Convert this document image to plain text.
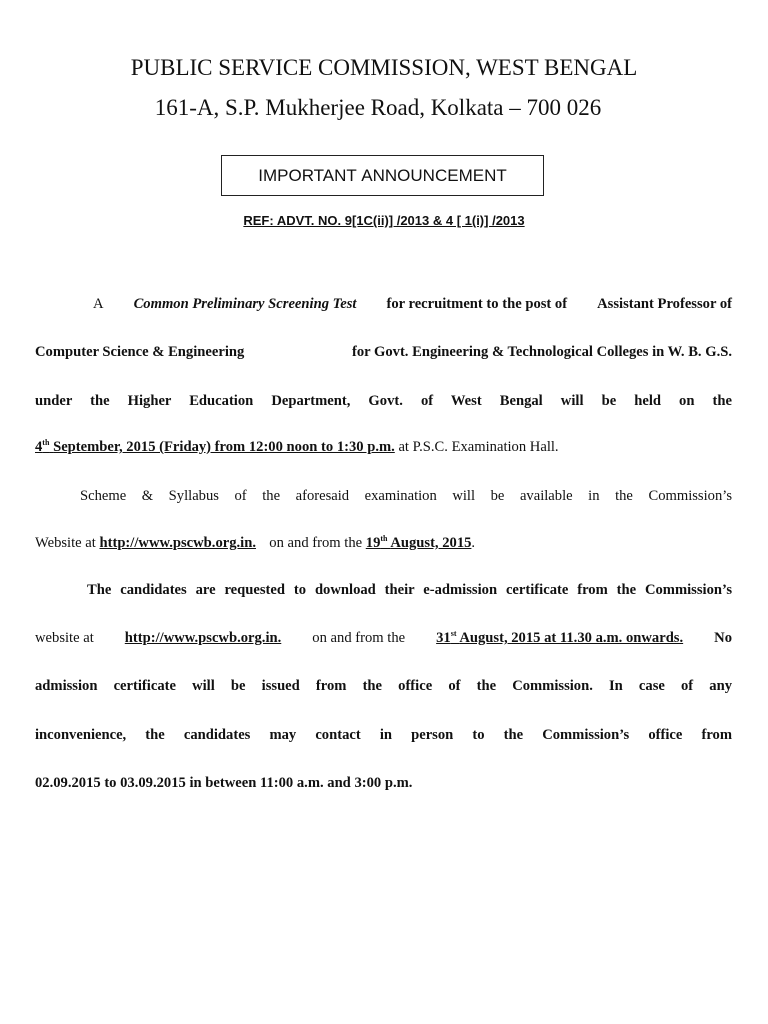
PUBLIC SERVICE COMMISSION, WEST BENGAL
161-A, S.P. Mukherjee Road, Kolkata – 700 026
IMPORTANT ANNOUNCEMENT
REF: ADVT. NO. 9[1C(ii)] /2013 & 4 [ 1(i)] /2013
A Common Preliminary Screening Test for recruitment to the post of Assistant Professor of
Computer Science & Engineering	for Govt. Engineering & Technological Colleges in W. B. G.S.
under the Higher Education Department, Govt. of West Bengal will be held on the
4th September, 2015 (Friday) from 12:00 noon to 1:30 p.m. at P.S.C. Examination Hall.
Scheme & Syllabus of the aforesaid examination will be available in the Commission’s
Website at http://www.pscwb.org.in. on and from the 19th August, 2015.
The candidates are requested to download their e-admission certificate from the Commission’s
website at http://www.pscwb.org.in. on and from the 31st August, 2015 at 11.30 a.m. onwards. No
admission certificate will be issued from the office of the Commission. In case of any
inconvenience, the candidates may contact in person to the Commission’s office from
02.09.2015 to 03.09.2015 in between 11:00 a.m. and 3:00 p.m.
